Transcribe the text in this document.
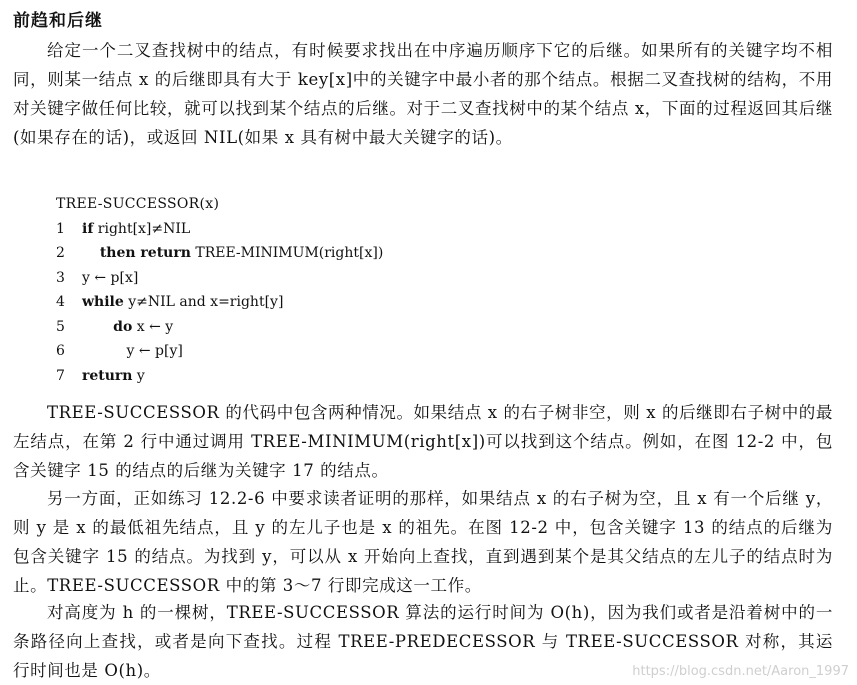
前趋和后继
给定一个二叉查找树中的结点，有时候要求找出在中序遍历顺序下它的后继。如果所有的关键字均不相同，则某一结点 x 的后继即具有大于 key[x]中的关键字中最小者的那个结点。根据二叉查找树的结构，不用对关键字做任何比较，就可以找到某个结点的后继。对于二叉查找树中的某个结点 x，下面的过程返回其后继(如果存在的话)，或返回 NIL(如果 x 具有树中最大关键字的话)。
TREE-SUCCESSOR(x)
1 if right[x]≠NIL
2 then return TREE-MINIMUM(right[x])
3 y ← p[x]
4 while y≠NIL and x=right[y]
5	do x ← y
6	y ← p[y]
7 return y
TREE-SUCCESSOR 的代码中包含两种情况。如果结点 x 的右子树非空，则 x 的后继即右子树中的最左结点，在第 2 行中通过调用 TREE-MINIMUM(right[x])可以找到这个结点。例如，在图 12-2 中，包含关键字 15 的结点的后继为关键字 17 的结点。
另一方面，正如练习 12.2-6 中要求读者证明的那样，如果结点 x 的右子树为空，且 x 有一个后继 y，则 y 是 x 的最低祖先结点，且 y 的左儿子也是 x 的祖先。在图 12-2 中，包含关键字 13 的结点的后继为包含关键字 15 的结点。为找到 y，可以从 x 开始向上查找，直到遇到某个是其父结点的左儿子的结点时为止。TREE-SUCCESSOR 中的第 3～7 行即完成这一工作。
对高度为 h 的一棵树，TREE-SUCCESSOR 算法的运行时间为 O(h)，因为我们或者是沿着树中的一条路径向上查找，或者是向下查找。过程 TREE-PREDECESSOR 与 TREE-SUCCESSOR 对称，其运行时间也是 O(h)。	https://blog.csdn.net/Aaron_1997
